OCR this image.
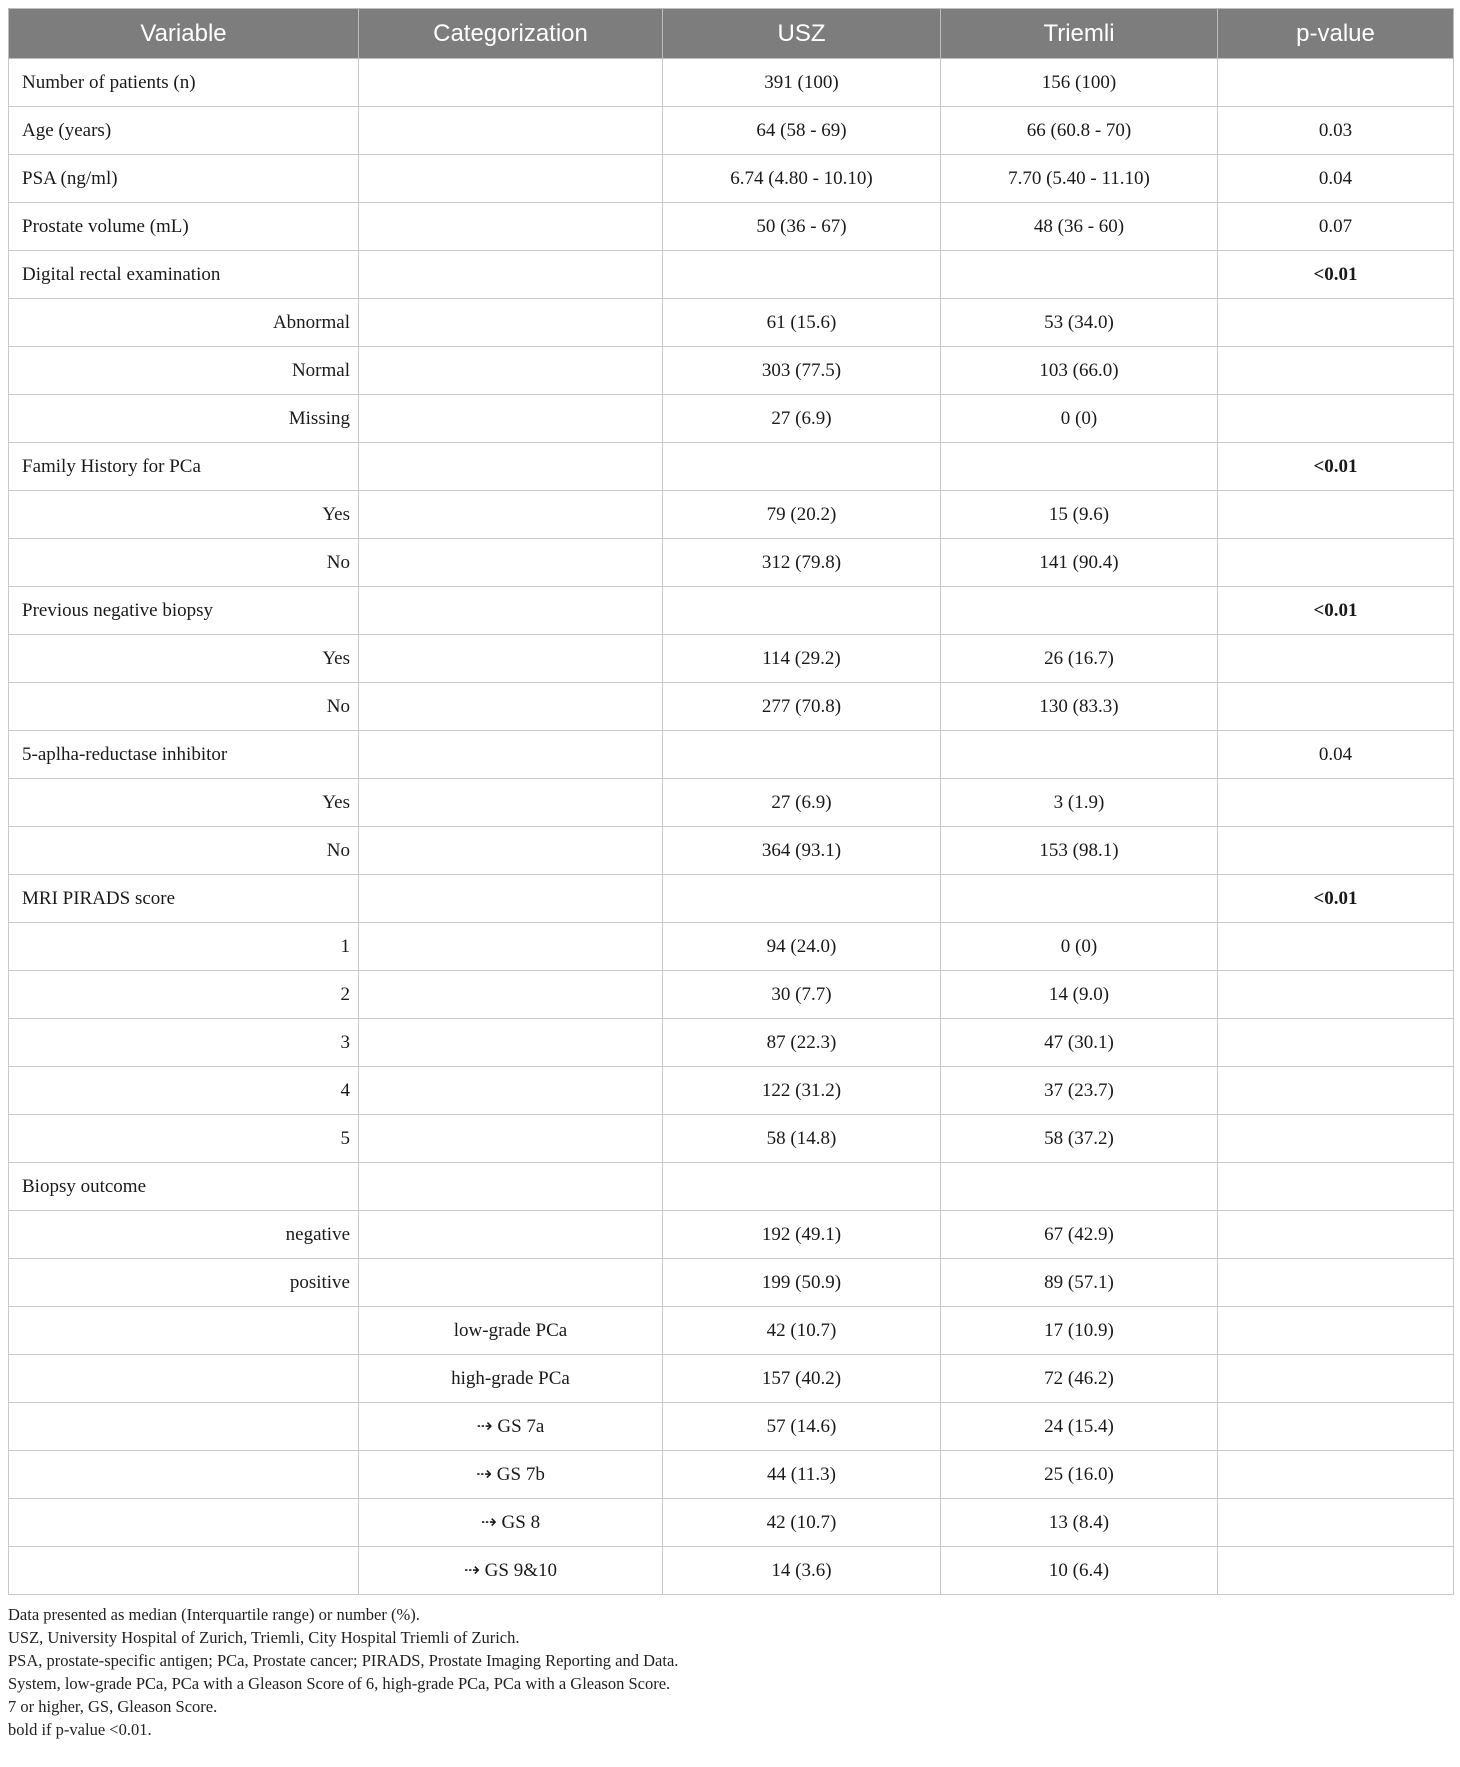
Variable	Categorization	USZ	Triemli	p-value
Number of patients (n)		391 (100)	156 (100)	
Age (years)		64 (58 - 69)	66 (60.8 - 70)	0.03
PSA (ng/ml)		6.74 (4.80 - 10.10)	7.70 (5.40 - 11.10)	0.04
Prostate volume (mL)		50 (36 - 67)	48 (36 - 60)	0.07
Digital rectal examination				<0.01
Abnormal		61 (15.6)	53 (34.0)	
Normal		303 (77.5)	103 (66.0)	
Missing		27 (6.9)	0 (0)	
Family History for PCa				<0.01
Yes		79 (20.2)	15 (9.6)	
No		312 (79.8)	141 (90.4)	
Previous negative biopsy				<0.01
Yes		114 (29.2)	26 (16.7)	
No		277 (70.8)	130 (83.3)	
5-aplha-reductase inhibitor				0.04
Yes		27 (6.9)	3 (1.9)	
No		364 (93.1)	153 (98.1)	
MRI PIRADS score				<0.01
1		94 (24.0)	0 (0)	
2		30 (7.7)	14 (9.0)	
3		87 (22.3)	47 (30.1)	
4		122 (31.2)	37 (23.7)	
5		58 (14.8)	58 (37.2)	
Biopsy outcome				
negative		192 (49.1)	67 (42.9)	
positive		199 (50.9)	89 (57.1)	
	low-grade PCa	42 (10.7)	17 (10.9)	
	high-grade PCa	157 (40.2)	72 (46.2)	
	⇢ GS 7a	57 (14.6)	24 (15.4)	
	⇢ GS 7b	44 (11.3)	25 (16.0)	
	⇢ GS 8	42 (10.7)	13 (8.4)	
	⇢ GS 9&10	14 (3.6)	10 (6.4)	
Data presented as median (Interquartile range) or number (%).
USZ, University Hospital of Zurich, Triemli, City Hospital Triemli of Zurich.
PSA, prostate-specific antigen; PCa, Prostate cancer; PIRADS, Prostate Imaging Reporting and Data.
System, low-grade PCa, PCa with a Gleason Score of 6, high-grade PCa, PCa with a Gleason Score.
7 or higher, GS, Gleason Score.
bold if p-value <0.01.
